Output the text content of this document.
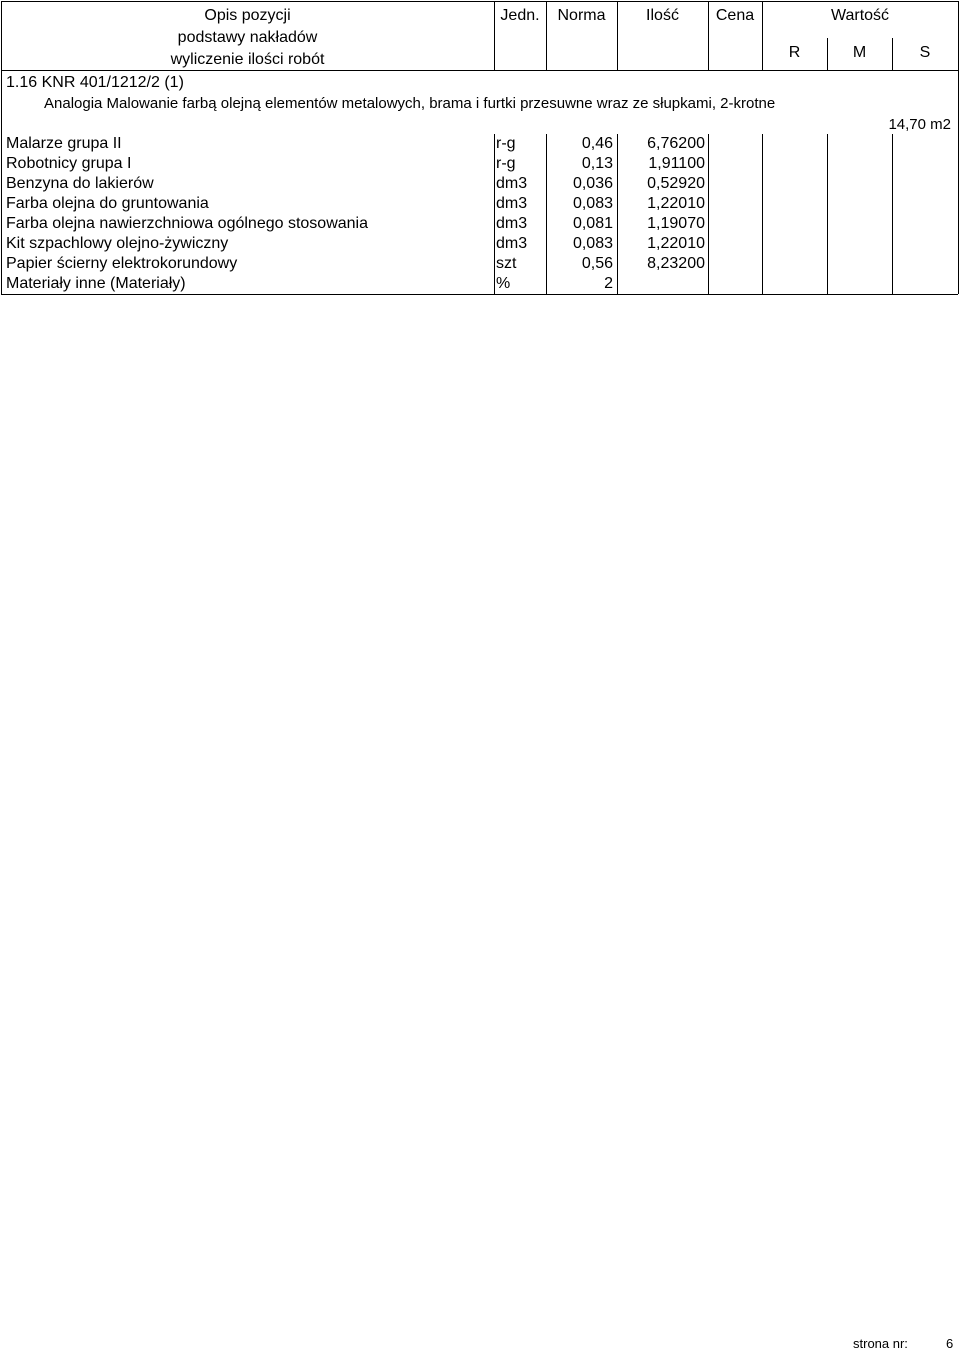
Opis pozycji
podstawy nakładów
wyliczenie ilości robót
Jedn.	Norma	Ilość	Cena	Wartość
R	M	S
1.16 KNR 401/1212/2 (1)
Analogia Malowanie farbą olejną elementów metalowych, brama i furtki przesuwne wraz ze słupkami, 2-krotne
14,70 m2
Malarze grupa II	r-g	0,46	6,76200
Robotnicy grupa I	r-g	0,13	1,91100
Benzyna do lakierów	dm3	0,036	0,52920
Farba olejna do gruntowania	dm3	0,083	1,22010
Farba olejna nawierzchniowa ogólnego stosowania	dm3	0,081	1,19070
Kit szpachlowy olejno-żywiczny	dm3	0,083	1,22010
Papier ścierny elektrokorundowy	szt	0,56	8,23200
Materiały inne (Materiały)	%	2
strona nr:	6
